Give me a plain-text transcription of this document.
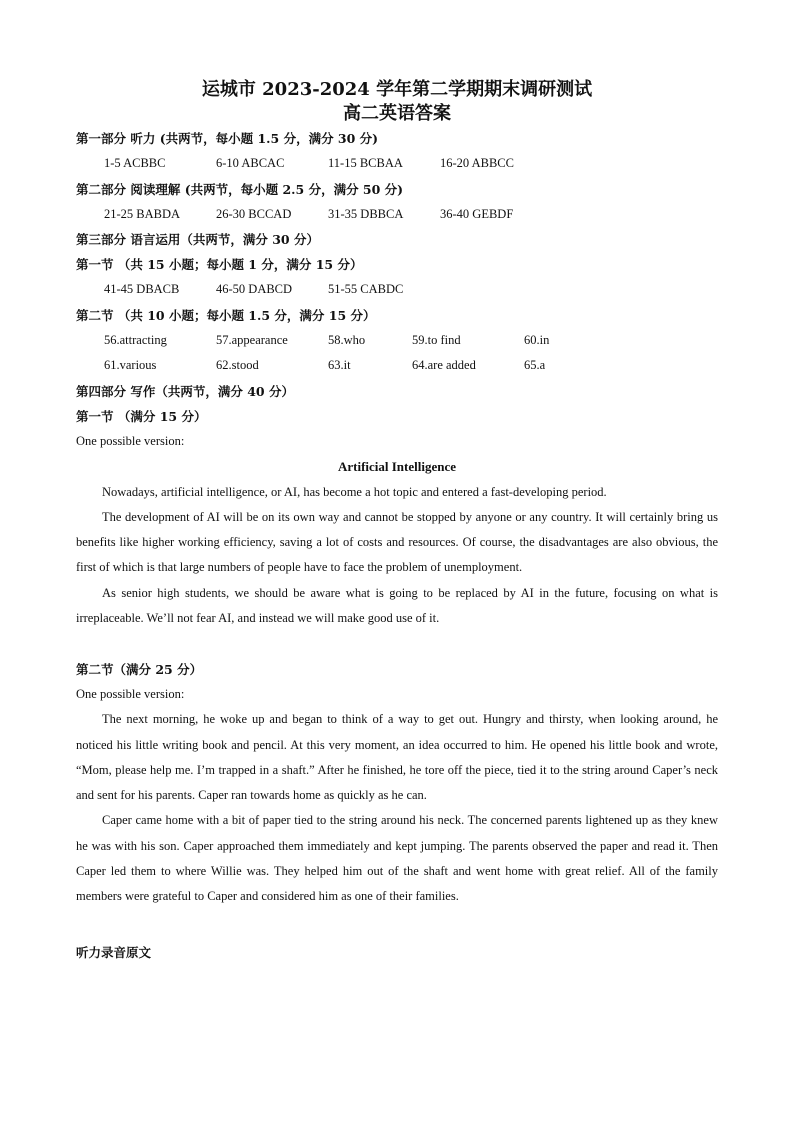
运城市 2023-2024 学年第二学期期末调研测试

高二英语答案

第一部分 听力 (共两节，每小题 1.5 分，满分 30 分)

1-5 ACBBC	6-10 ABCAC	11-15 BCBAA	16-20 ABBCC

第二部分 阅读理解 (共两节，每小题 2.5 分，满分 50 分)

21-25 BABDA	26-30 BCCAD	31-35 DBBCA	36-40 GEBDF

第三部分 语言运用（共两节，满分 30 分）

第一节 （共 15 小题；每小题 1 分，满分 15 分）

41-45 DBACB	46-50 DABCD	51-55 CABDC

第二节 （共 10 小题；每小题 1.5 分，满分 15 分）

56.attracting	57.appearance	58.who	59.to find	60.in
61.various	62.stood	63.it	64.are added	65.a

第四部分 写作（共两节，满分 40 分）

第一节 （满分 15 分）

One possible version:

Artificial Intelligence

Nowadays, artificial intelligence, or AI, has become a hot topic and entered a fast-developing period.

The development of AI will be on its own way and cannot be stopped by anyone or any country. It will certainly bring us benefits like higher working efficiency, saving a lot of costs and resources. Of course, the disadvantages are also obvious, the first of which is that large numbers of people have to face the problem of unemployment.

As senior high students, we should be aware what is going to be replaced by AI in the future, focusing on what is irreplaceable. We’ll not fear AI, and instead we will make good use of it.

第二节（满分 25 分）

One possible version:

The next morning, he woke up and began to think of a way to get out. Hungry and thirsty, when looking around, he noticed his little writing book and pencil. At this very moment, an idea occurred to him. He opened his little book and wrote, “Mom, please help me. I’m trapped in a shaft.” After he finished, he tore off the piece, tied it to the string around Caper’s neck and sent for his parents. Caper ran towards home as quickly as he can.

Caper came home with a bit of paper tied to the string around his neck. The concerned parents lightened up as they knew he was with his son. Caper approached them immediately and kept jumping. The parents observed the paper and read it. Then Caper led them to where Willie was. They helped him out of the shaft and went home with great relief. All of the family members were grateful to Caper and considered him as one of their families.

听力录音原文
